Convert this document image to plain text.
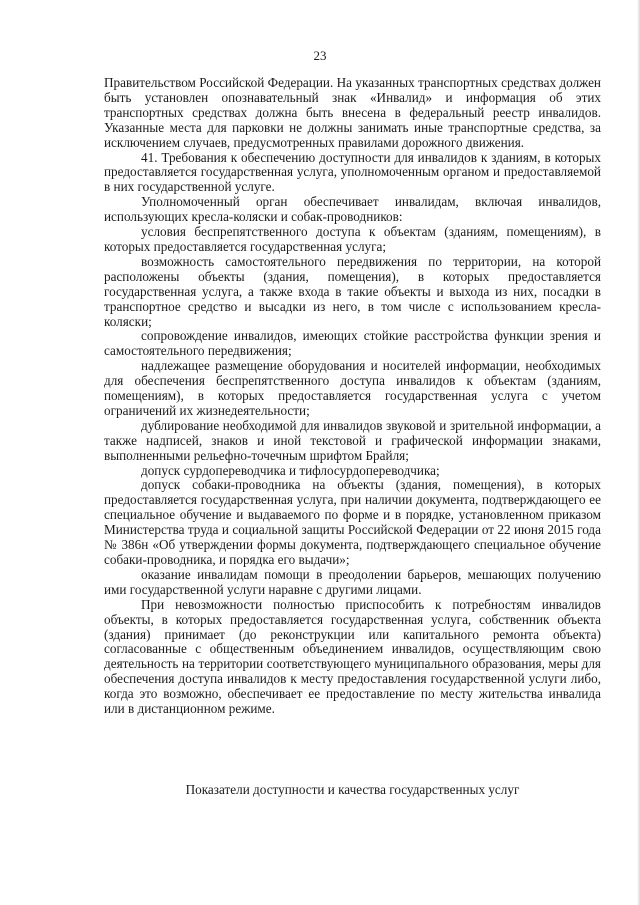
23

Правительством Российской Федерации. На указанных транспортных средствах должен быть установлен опознавательный знак «Инвалид» и информация об этих транспортных средствах должна быть внесена в федеральный реестр инвалидов. Указанные места для парковки не должны занимать иные транспортные средства, за исключением случаев, предусмотренных правилами дорожного движения.

41. Требования к обеспечению доступности для инвалидов к зданиям, в которых предоставляется государственная услуга, уполномоченным органом и предоставляемой в них государственной услуге.

Уполномоченный орган обеспечивает инвалидам, включая инвалидов, использующих кресла-коляски и собак-проводников:

условия беспрепятственного доступа к объектам (зданиям, помещениям), в которых предоставляется государственная услуга;

возможность самостоятельного передвижения по территории, на которой расположены объекты (здания, помещения), в которых предоставляется государственная услуга, а также входа в такие объекты и выхода из них, посадки в транспортное средство и высадки из него, в том числе с использованием кресла-коляски;

сопровождение инвалидов, имеющих стойкие расстройства функции зрения и самостоятельного передвижения;

надлежащее размещение оборудования и носителей информации, необходимых для обеспечения беспрепятственного доступа инвалидов к объектам (зданиям, помещениям), в которых предоставляется государственная услуга с учетом ограничений их жизнедеятельности;

дублирование необходимой для инвалидов звуковой и зрительной информации, а также надписей, знаков и иной текстовой и графической информации знаками, выполненными рельефно-точечным шрифтом Брайля;

допуск сурдопереводчика и тифлосурдопереводчика;

допуск собаки-проводника на объекты (здания, помещения), в которых предоставляется государственная услуга, при наличии документа, подтверждающего ее специальное обучение и выдаваемого по форме и в порядке, установленном приказом Министерства труда и социальной защиты Российской Федерации от 22 июня 2015 года № 386н «Об утверждении формы документа, подтверждающего специальное обучение собаки-проводника, и порядка его выдачи»;

оказание инвалидам помощи в преодолении барьеров, мешающих получению ими государственной услуги наравне с другими лицами.

При невозможности полностью приспособить к потребностям инвалидов объекты, в которых предоставляется государственная услуга, собственник объекта (здания) принимает (до реконструкции или капитального ремонта объекта) согласованные с общественным объединением инвалидов, осуществляющим свою деятельность на территории соответствующего муниципального образования, меры для обеспечения доступа инвалидов к месту предоставления государственной услуги либо, когда это возможно, обеспечивает ее предоставление по месту жительства инвалида или в дистанционном режиме.

Показатели доступности и качества государственных услуг
